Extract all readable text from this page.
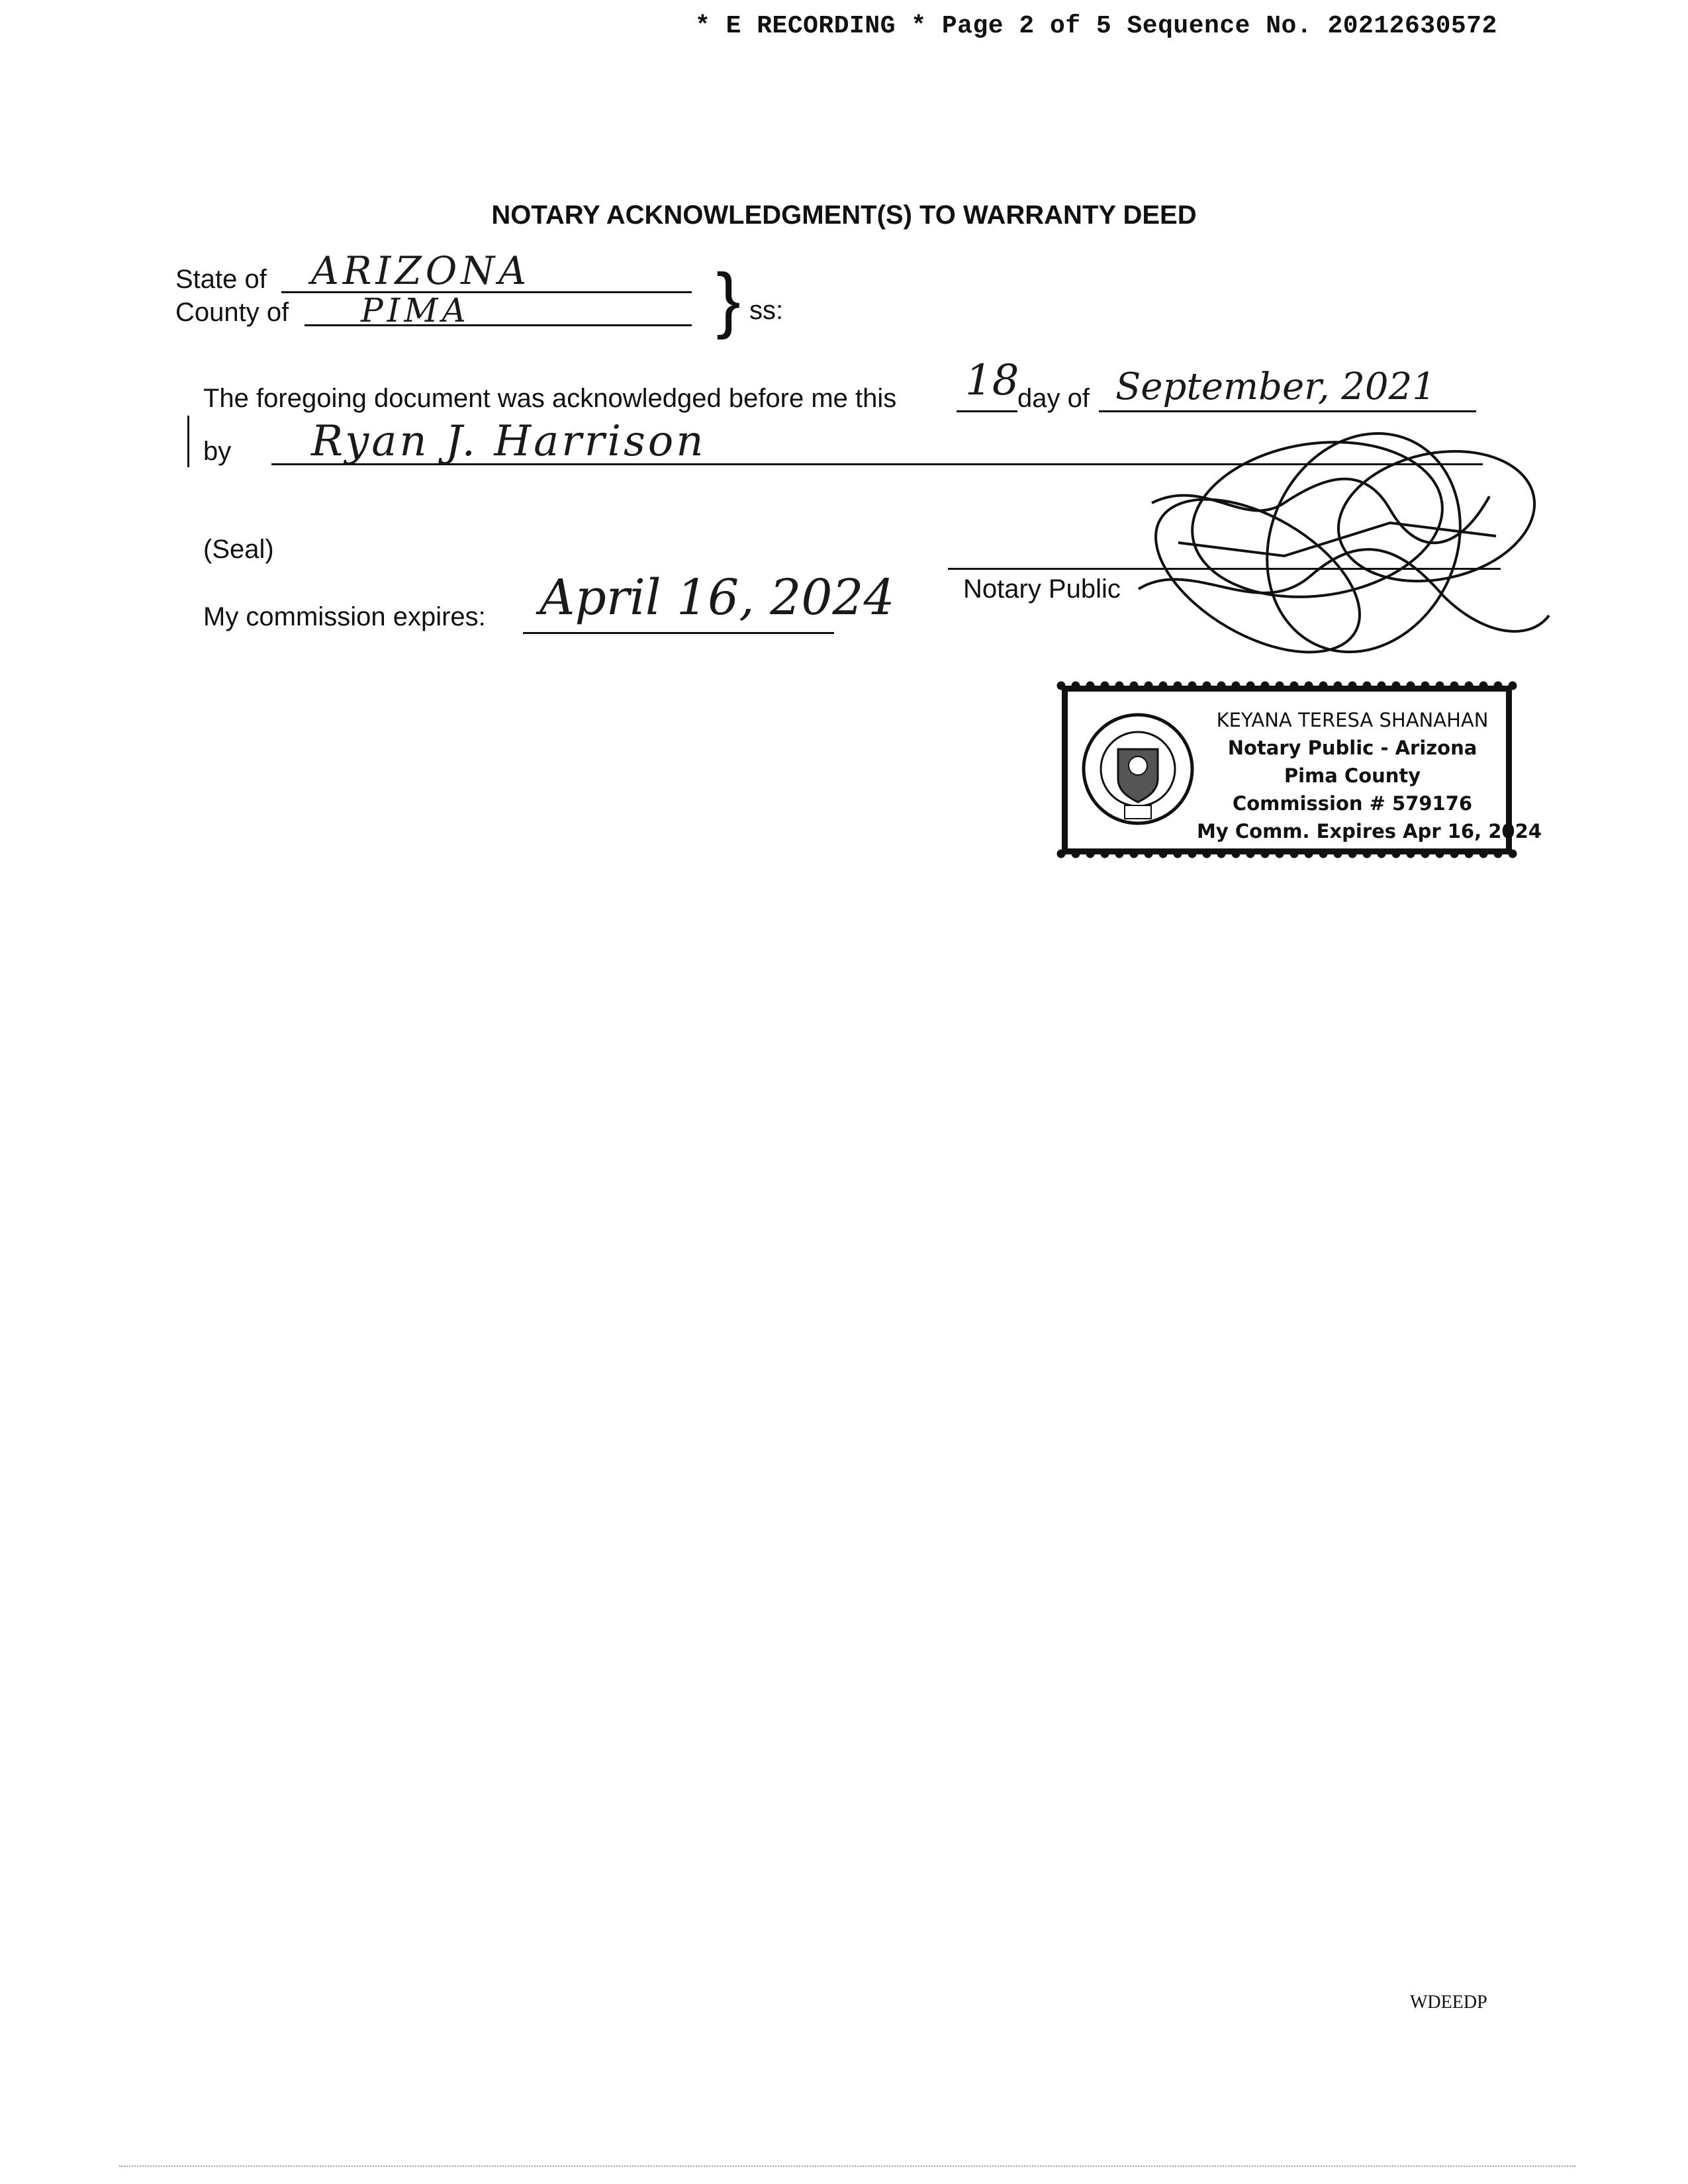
* E RECORDING * Page 2 of 5 Sequence No. 20212630572
NOTARY ACKNOWLEDGMENT(S) TO WARRANTY DEED
State of ARIZONA
County of PIMA	} ss:
The foregoing document was acknowledged before me this 18
day of September, 2021
by Ryan J. Harrison
(Seal)
My commission expires: April 16, 2024	Notary Public
KEYANA TERESA SHANAHAN
Notary Public - Arizona
Pima County
Commission # 579176
My Comm. Expires Apr 16, 2024
WDEEDP
